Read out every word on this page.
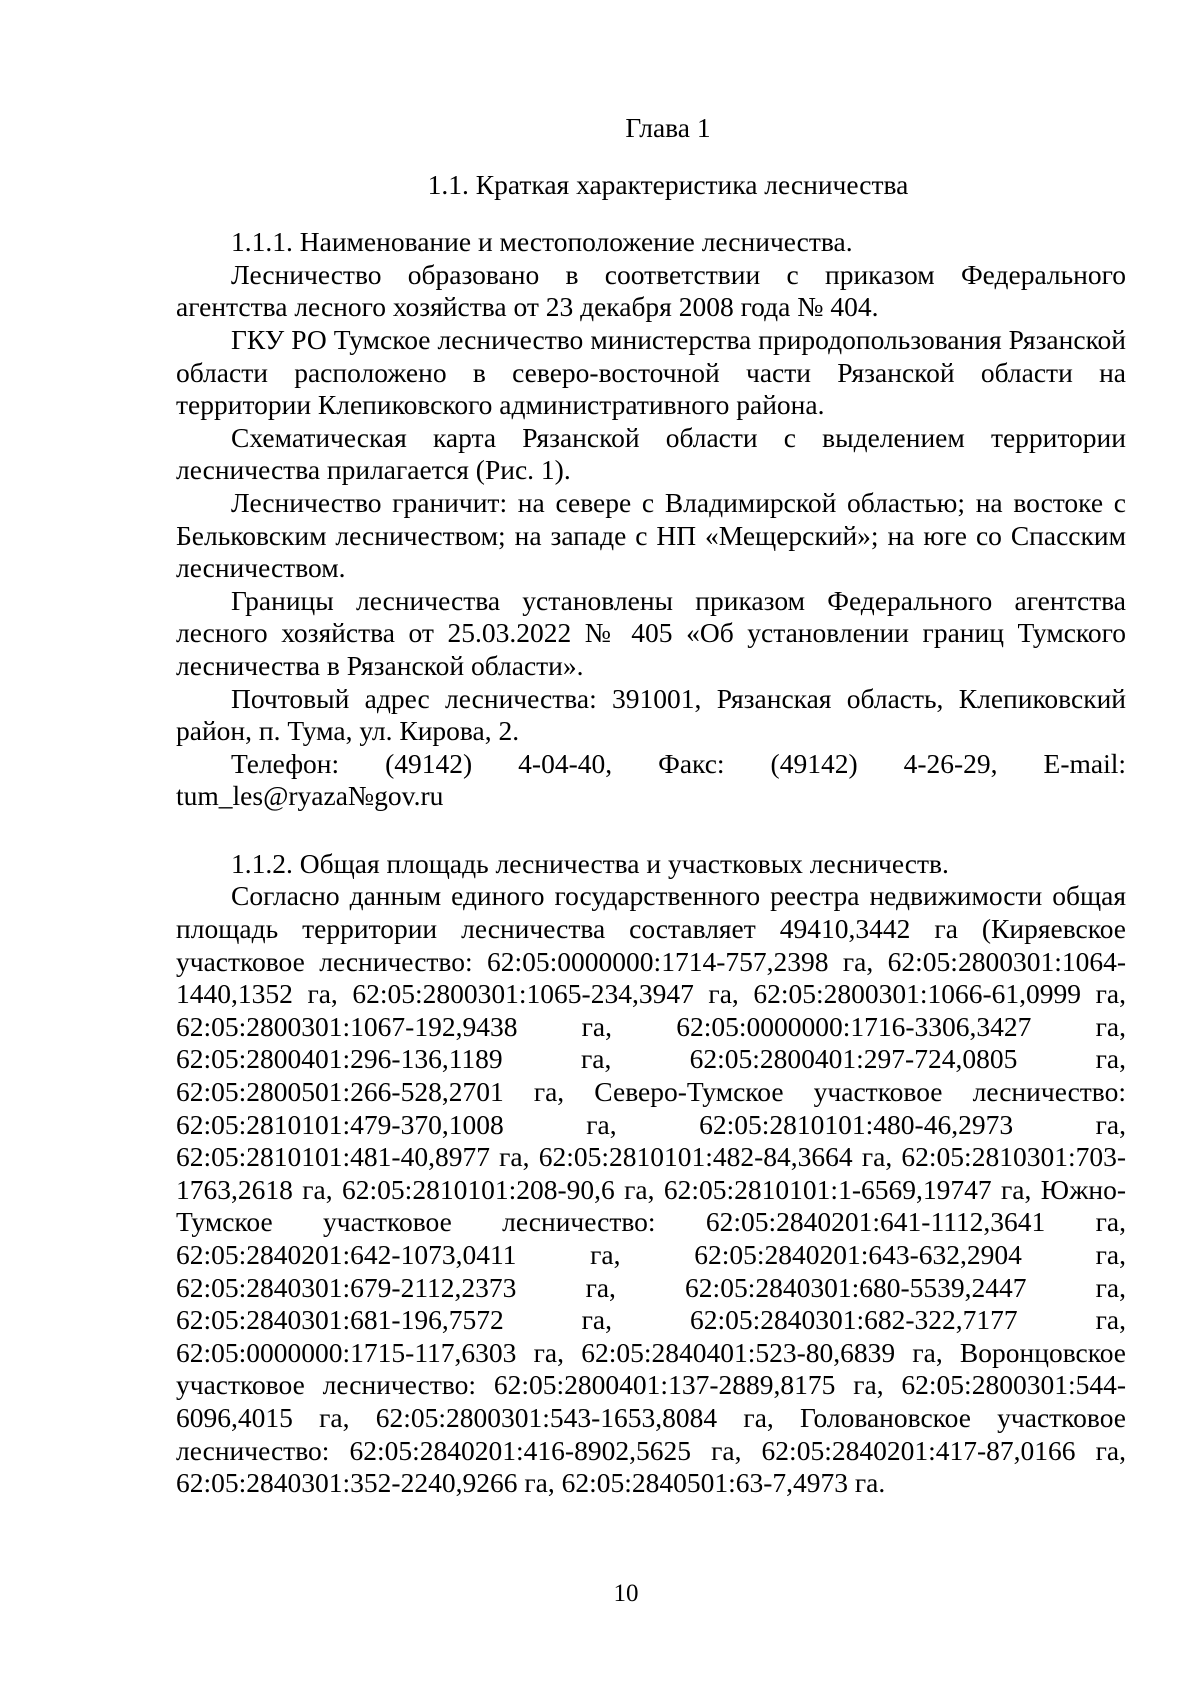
Глава 1
1.1. Краткая характеристика лесничества
1.1.1. Наименование и местоположение лесничества.

Лесничество образовано в соответствии с приказом Федерального агентства лесного хозяйства от 23 декабря 2008 года № 404.

ГКУ РО Тумское лесничество министерства природопользования Рязанской области расположено в северо-восточной части Рязанской области на территории Клепиковского административного района.

Схематическая карта Рязанской области с выделением территории лесничества прилагается (Рис. 1).

Лесничество граничит: на севере с Владимирской областью; на востоке с Бельковским лесничеством; на западе с НП «Мещерский»; на юге со Спасским лесничеством.

Границы лесничества установлены приказом Федерального агентства лесного хозяйства от 25.03.2022 № 405 «Об установлении границ Тумского лесничества в Рязанской области».

Почтовый адрес лесничества: 391001, Рязанская область, Клепиковский район, п. Тума, ул. Кирова, 2.

Телефон: (49142) 4-04-40, Факс: (49142) 4-26-29, E-mail: tum_les@ryaza№gov.ru

1.1.2. Общая площадь лесничества и участковых лесничеств.

Согласно данным единого государственного реестра недвижимости общая площадь территории лесничества составляет 49410,3442 га (Киряевское участковое лесничество: 62:05:0000000:1714-757,2398 га, 62:05:2800301:1064-1440,1352 га, 62:05:2800301:1065-234,3947 га, 62:05:2800301:1066-61,0999 га, 62:05:2800301:1067-192,9438 га, 62:05:0000000:1716-3306,3427 га, 62:05:2800401:296-136,1189 га, 62:05:2800401:297-724,0805 га, 62:05:2800501:266-528,2701 га, Северо-Тумское участковое лесничество: 62:05:2810101:479-370,1008 га, 62:05:2810101:480-46,2973 га, 62:05:2810101:481-40,8977 га, 62:05:2810101:482-84,3664 га, 62:05:2810301:703-1763,2618 га, 62:05:2810101:208-90,6 га, 62:05:2810101:1-6569,19747 га, Южно-Тумское участковое лесничество: 62:05:2840201:641-1112,3641 га, 62:05:2840201:642-1073,0411 га, 62:05:2840201:643-632,2904 га, 62:05:2840301:679-2112,2373 га, 62:05:2840301:680-5539,2447 га, 62:05:2840301:681-196,7572 га, 62:05:2840301:682-322,7177 га, 62:05:0000000:1715-117,6303 га, 62:05:2840401:523-80,6839 га, Воронцовское участковое лесничество: 62:05:2800401:137-2889,8175 га, 62:05:2800301:544-6096,4015 га, 62:05:2800301:543-1653,8084 га, Головановское участковое лесничество: 62:05:2840201:416-8902,5625 га, 62:05:2840201:417-87,0166 га, 62:05:2840301:352-2240,9266 га, 62:05:2840501:63-7,4973 га.

10
